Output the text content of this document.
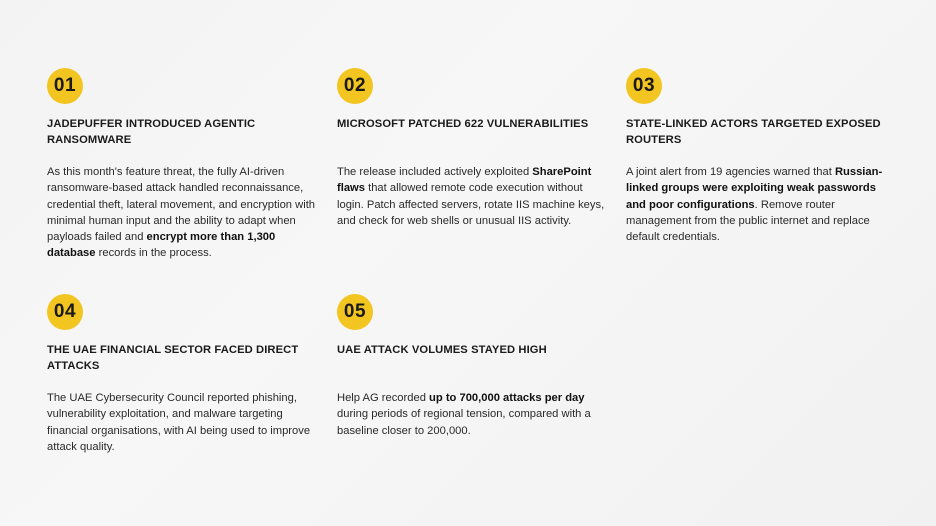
01
JADEPUFFER INTRODUCED AGENTIC RANSOMWARE
As this month's feature threat, the fully AI-driven ransomware-based attack handled reconnaissance, credential theft, lateral movement, and encryption with minimal human input and the ability to adapt when payloads failed and encrypt more than 1,300 database records in the process.
02
MICROSOFT PATCHED 622 VULNERABILITIES
The release included actively exploited SharePoint flaws that allowed remote code execution without login. Patch affected servers, rotate IIS machine keys, and check for web shells or unusual IIS activity.
03
STATE-LINKED ACTORS TARGETED EXPOSED ROUTERS
A joint alert from 19 agencies warned that Russian-linked groups were exploiting weak passwords and poor configurations. Remove router management from the public internet and replace default credentials.
04
THE UAE FINANCIAL SECTOR FACED DIRECT ATTACKS
The UAE Cybersecurity Council reported phishing, vulnerability exploitation, and malware targeting financial organisations, with AI being used to improve attack quality.
05
UAE ATTACK VOLUMES STAYED HIGH
Help AG recorded up to 700,000 attacks per day during periods of regional tension, compared with a baseline closer to 200,000.
